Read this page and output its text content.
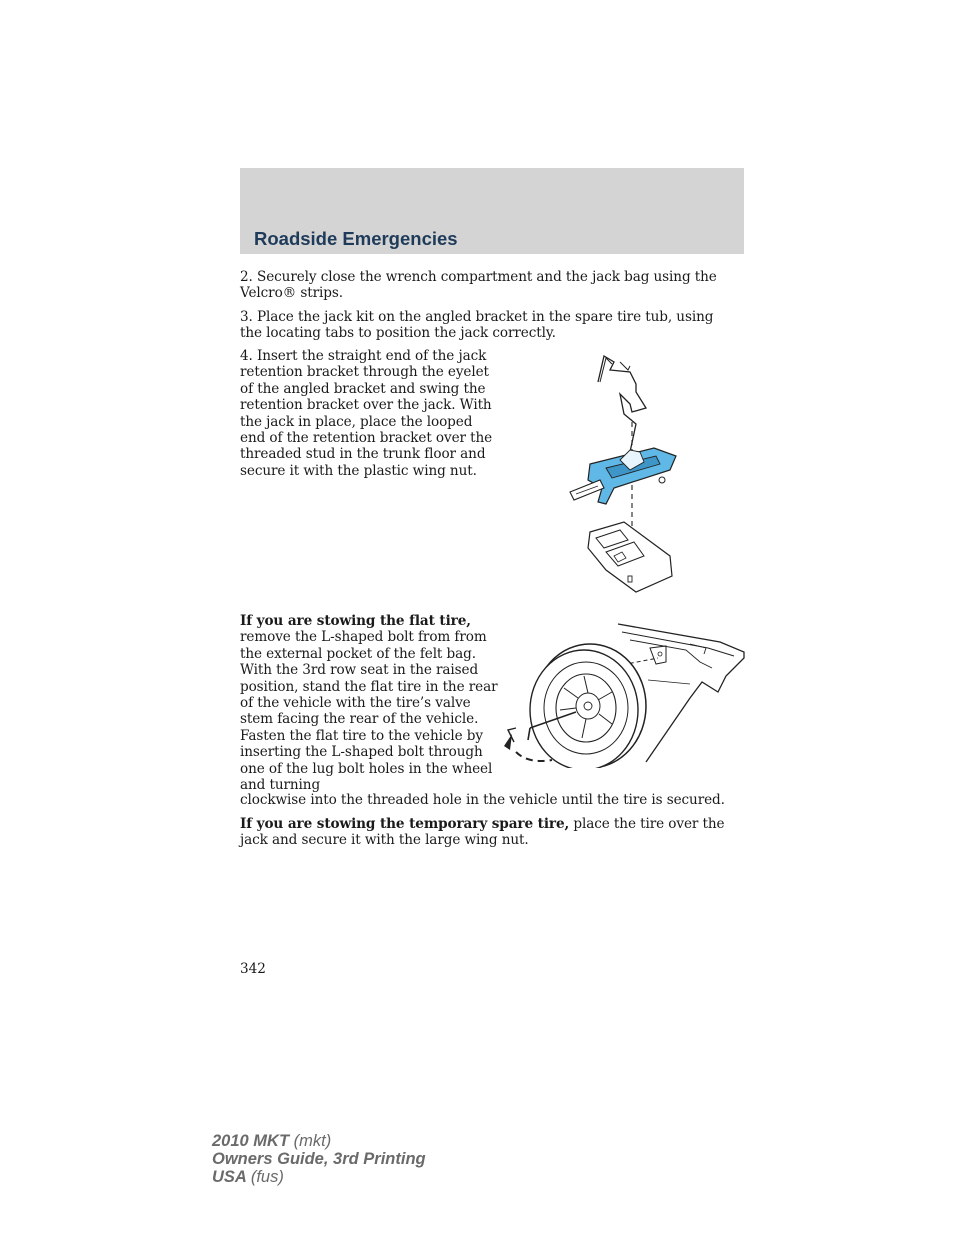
Roadside Emergencies

2. Securely close the wrench compartment and the jack bag using the Velcro® strips.

3. Place the jack kit on the angled bracket in the spare tire tub, using the locating tabs to position the jack correctly.

4. Insert the straight end of the jack retention bracket through the eyelet of the angled bracket and swing the retention bracket over the jack. With the jack in place, place the looped end of the retention bracket over the threaded stud in the trunk floor and secure it with the plastic wing nut.

If you are stowing the flat tire, remove the L-shaped bolt from from the external pocket of the felt bag. With the 3rd row seat in the raised position, stand the flat tire in the rear of the vehicle with the tire’s valve stem facing the rear of the vehicle. Fasten the flat tire to the vehicle by inserting the L-shaped bolt through one of the lug bolt holes in the wheel and turning

clockwise into the threaded hole in the vehicle until the tire is secured.

If you are stowing the temporary spare tire, place the tire over the jack and secure it with the large wing nut.

342
2010 MKT (mkt)
Owners Guide, 3rd Printing
USA (fus)
